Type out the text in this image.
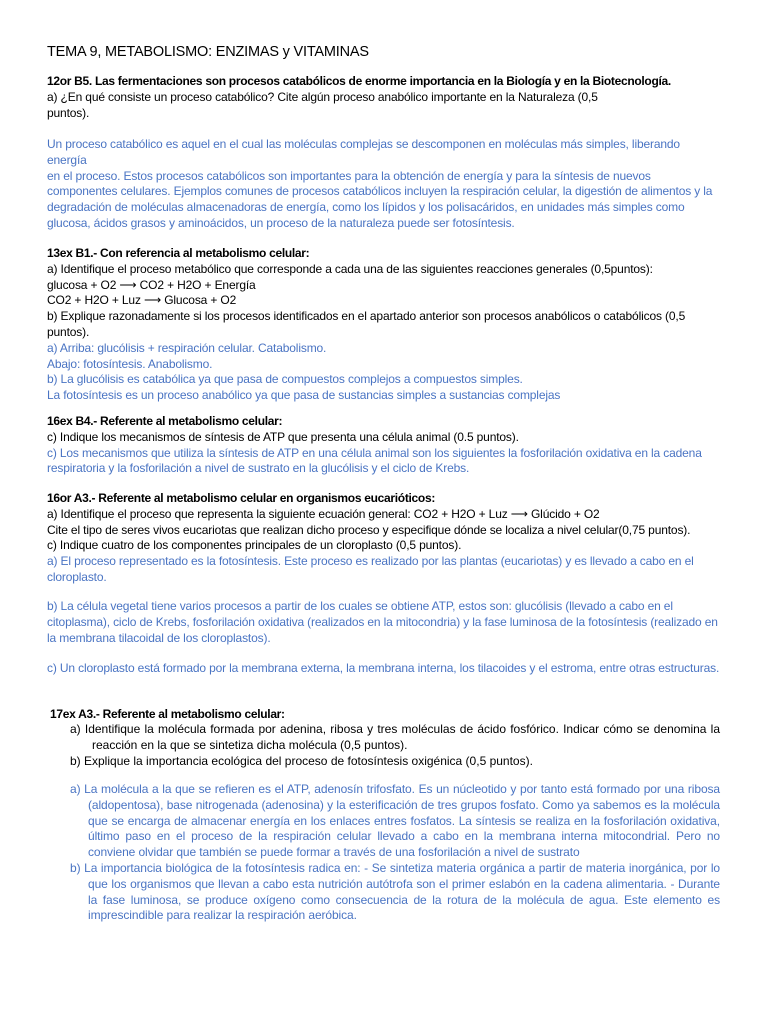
TEMA 9, METABOLISMO: ENZIMAS y VITAMINAS
12or B5. Las fermentaciones son procesos catabólicos de enorme importancia en la Biología y en la Biotecnología.
a) ¿En qué consiste un proceso catabólico? Cite algún proceso anabólico importante en la Naturaleza (0,5
puntos).
Un proceso catabólico es aquel en el cual las moléculas complejas se descomponen en moléculas más simples, liberando energía
en el proceso. Estos procesos catabólicos son importantes para la obtención de energía y para la síntesis de nuevos
componentes celulares. Ejemplos comunes de procesos catabólicos incluyen la respiración celular, la digestión de alimentos y la
degradación de moléculas almacenadoras de energía, como los lípidos y los polisacáridos, en unidades más simples como
glucosa, ácidos grasos y aminoácidos, un proceso de la naturaleza puede ser fotosíntesis.
13ex B1.- Con referencia al metabolismo celular:
a) Identifique el proceso metabólico que corresponde a cada una de las siguientes reacciones generales (0,5puntos):
glucosa + O2 ⟶ CO2 + H2O + Energía
CO2 + H2O + Luz ⟶ Glucosa + O2
b) Explique razonadamente si los procesos identificados en el apartado anterior son procesos anabólicos o catabólicos (0,5
puntos).
a) Arriba: glucólisis + respiración celular. Catabolismo.
Abajo: fotosíntesis. Anabolismo.
b) La glucólisis es catabólica ya que pasa de compuestos complejos a compuestos simples.
La fotosíntesis es un proceso anabólico ya que pasa de sustancias simples a sustancias complejas
16ex B4.- Referente al metabolismo celular:
c) Indique los mecanismos de síntesis de ATP que presenta una célula animal (0.5 puntos).
c) Los mecanismos que utiliza la síntesis de ATP en una célula animal son los siguientes la fosforilación oxidativa en la cadena
respiratoria y la fosforilación a nivel de sustrato en la glucólisis y el ciclo de Krebs.
16or A3.- Referente al metabolismo celular en organismos eucarióticos:
a) Identifique el proceso que representa la siguiente ecuación general: CO2 + H2O + Luz ⟶ Glúcido + O2
Cite el tipo de seres vivos eucariotas que realizan dicho proceso y especifique dónde se localiza a nivel celular(0,75 puntos).
c) Indique cuatro de los componentes principales de un cloroplasto (0,5 puntos).
a) El proceso representado es la fotosíntesis. Este proceso es realizado por las plantas (eucariotas) y es llevado a cabo en el
cloroplasto.
b) La célula vegetal tiene varios procesos a partir de los cuales se obtiene ATP, estos son: glucólisis (llevado a cabo en el
citoplasma), ciclo de Krebs, fosforilación oxidativa (realizados en la mitocondria) y la fase luminosa de la fotosíntesis (realizado en
la membrana tilacoidal de los cloroplastos).
c) Un cloroplasto está formado por la membrana externa, la membrana interna, los tilacoides y el estroma, entre otras estructuras.
17ex A3.- Referente al metabolismo celular:
a) Identifique la molécula formada por adenina, ribosa y tres moléculas de ácido fosfórico. Indicar cómo se denomina la reacción en la que se sintetiza dicha molécula (0,5 puntos).
b) Explique la importancia ecológica del proceso de fotosíntesis oxigénica (0,5 puntos).
a) La molécula a la que se refieren es el ATP, adenosín trifosfato. Es un núcleotido y por tanto está formado por una ribosa (aldopentosa), base nitrogenada (adenosina) y la esterificación de tres grupos fosfato. Como ya sabemos es la molécula que se encarga de almacenar energía en los enlaces entres fosfatos. La síntesis se realiza en la fosforilación oxidativa, último paso en el proceso de la respiración celular llevado a cabo en la membrana interna mitocondrial. Pero no conviene olvidar que también se puede formar a través de una fosforilación a nivel de sustrato
b) La importancia biológica de la fotosíntesis radica en: - Se sintetiza materia orgánica a partir de materia inorgánica, por lo que los organismos que llevan a cabo esta nutrición autótrofa son el primer eslabón en la cadena alimentaria. - Durante la fase luminosa, se produce oxígeno como consecuencia de la rotura de la molécula de agua. Este elemento es imprescindible para realizar la respiración aeróbica.
